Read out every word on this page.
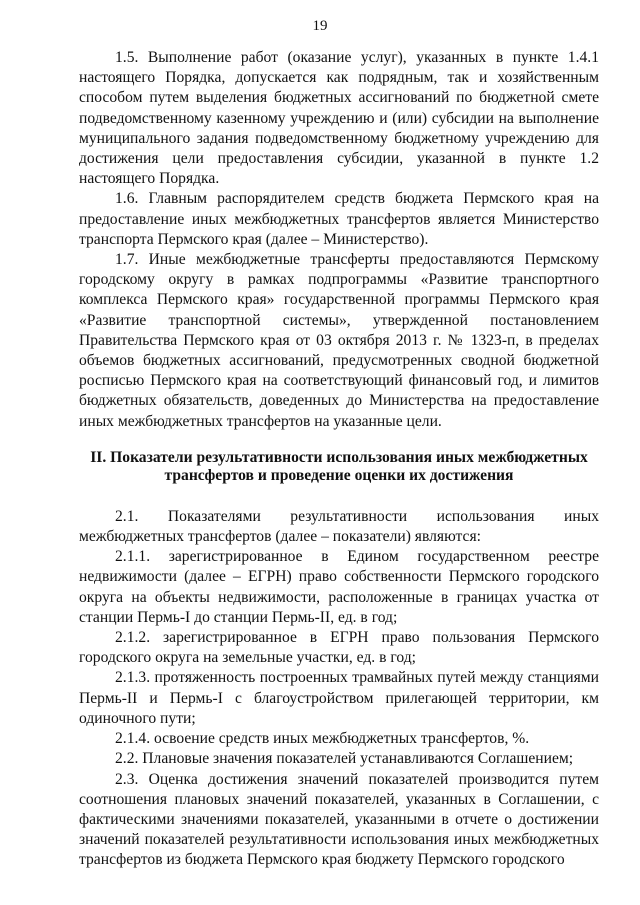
19

1.5. Выполнение работ (оказание услуг), указанных в пункте 1.4.1 настоящего Порядка, допускается как подрядным, так и хозяйственным способом путем выделения бюджетных ассигнований по бюджетной смете подведомственному казенному учреждению и (или) субсидии на выполнение муниципального задания подведомственному бюджетному учреждению для достижения цели предоставления субсидии, указанной в пункте 1.2 настоящего Порядка.

1.6. Главным распорядителем средств бюджета Пермского края на предоставление иных межбюджетных трансфертов является Министерство транспорта Пермского края (далее – Министерство).

1.7. Иные межбюджетные трансферты предоставляются Пермскому городскому округу в рамках подпрограммы «Развитие транспортного комплекса Пермского края» государственной программы Пермского края «Развитие транспортной системы», утвержденной постановлением Правительства Пермского края от 03 октября 2013 г. № 1323-п, в пределах объемов бюджетных ассигнований, предусмотренных сводной бюджетной росписью Пермского края на соответствующий финансовый год, и лимитов бюджетных обязательств, доведенных до Министерства на предоставление иных межбюджетных трансфертов на указанные цели.

II. Показатели результативности использования иных межбюджетных
трансфертов и проведение оценки их достижения

2.1. Показателями результативности использования иных межбюджетных трансфертов (далее – показатели) являются:

2.1.1. зарегистрированное в Едином государственном реестре недвижимости (далее – ЕГРН) право собственности Пермского городского округа на объекты недвижимости, расположенные в границах участка от станции Пермь-I до станции Пермь-II, ед. в год;

2.1.2. зарегистрированное в ЕГРН право пользования Пермского городского округа на земельные участки, ед. в год;

2.1.3. протяженность построенных трамвайных путей между станциями Пермь-II и Пермь-I с благоустройством прилегающей территории, км одиночного пути;

2.1.4. освоение средств иных межбюджетных трансфертов, %.

2.2. Плановые значения показателей устанавливаются Соглашением;

2.3. Оценка достижения значений показателей производится путем соотношения плановых значений показателей, указанных в Соглашении, с фактическими значениями показателей, указанными в отчете о достижении значений показателей результативности использования иных межбюджетных трансфертов из бюджета Пермского края бюджету Пермского городского
